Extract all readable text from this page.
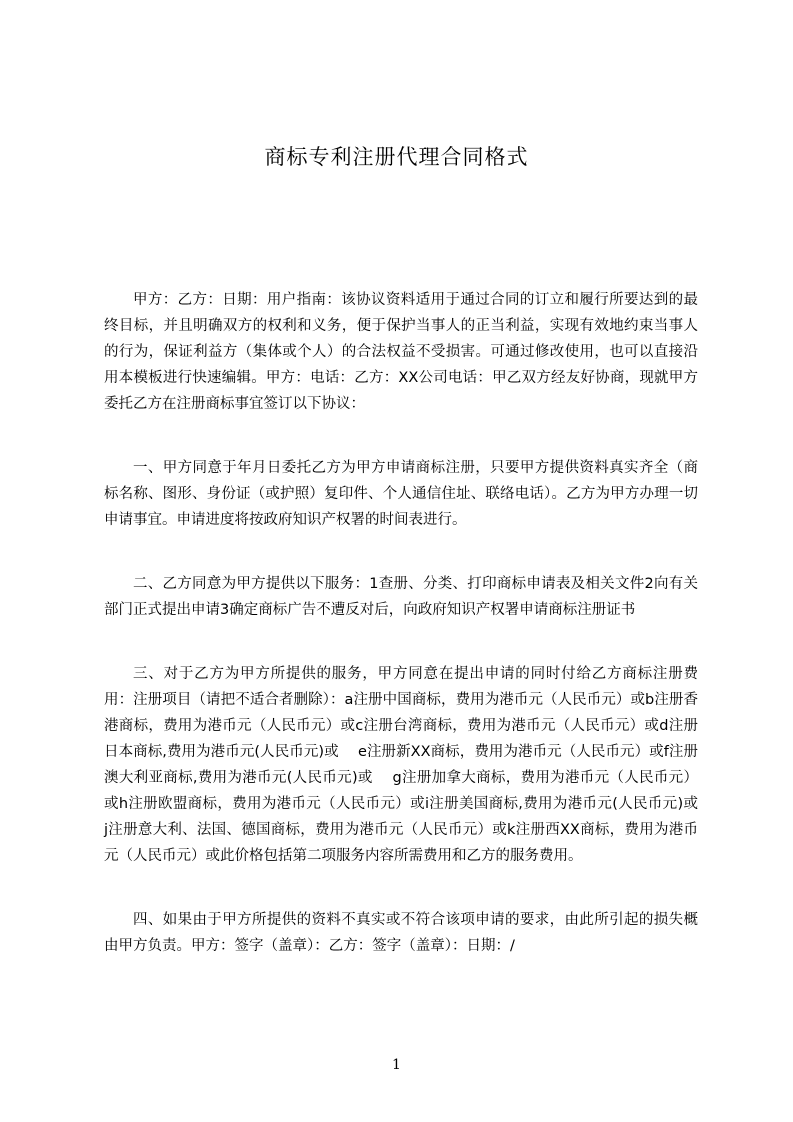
商标专利注册代理合同格式

甲方：乙方：日期：用户指南：该协议资料适用于通过合同的订立和履行所要达到的最终目标，并且明确双方的权利和义务，便于保护当事人的正当利益，实现有效地约束当事人的行为，保证利益方（集体或个人）的合法权益不受损害。可通过修改使用，也可以直接沿用本模板进行快速编辑。甲方：电话：乙方：XX公司电话：甲乙双方经友好协商，现就甲方委托乙方在注册商标事宜签订以下协议：

一、甲方同意于年月日委托乙方为甲方申请商标注册，只要甲方提供资料真实齐全（商标名称、图形、身份证（或护照）复印件、个人通信住址、联络电话）。乙方为甲方办理一切申请事宜。申请进度将按政府知识产权署的时间表进行。

二、乙方同意为甲方提供以下服务：1查册、分类、打印商标申请表及相关文件2向有关部门正式提出申请3确定商标广告不遭反对后，向政府知识产权署申请商标注册证书

三、对于乙方为甲方所提供的服务，甲方同意在提出申请的同时付给乙方商标注册费用：注册项目（请把不适合者删除）：a注册中国商标，费用为港币元（人民币元）或b注册香港商标，费用为港币元（人民币元）或c注册台湾商标，费用为港币元（人民币元）或d注册日本商标,费用为港币元(人民币元)或　 e注册新XX商标，费用为港币元（人民币元）或f注册澳大利亚商标,费用为港币元(人民币元)或　 g注册加拿大商标，费用为港币元（人民币元）或h注册欧盟商标，费用为港币元（人民币元）或i注册美国商标,费用为港币元(人民币元)或　 j注册意大利、法国、德国商标，费用为港币元（人民币元）或k注册西XX商标，费用为港币元（人民币元）或此价格包括第二项服务内容所需费用和乙方的服务费用。

四、如果由于甲方所提供的资料不真实或不符合该项申请的要求，由此所引起的损失概由甲方负责。甲方：签字（盖章）：乙方：签字（盖章）：日期：/

1
